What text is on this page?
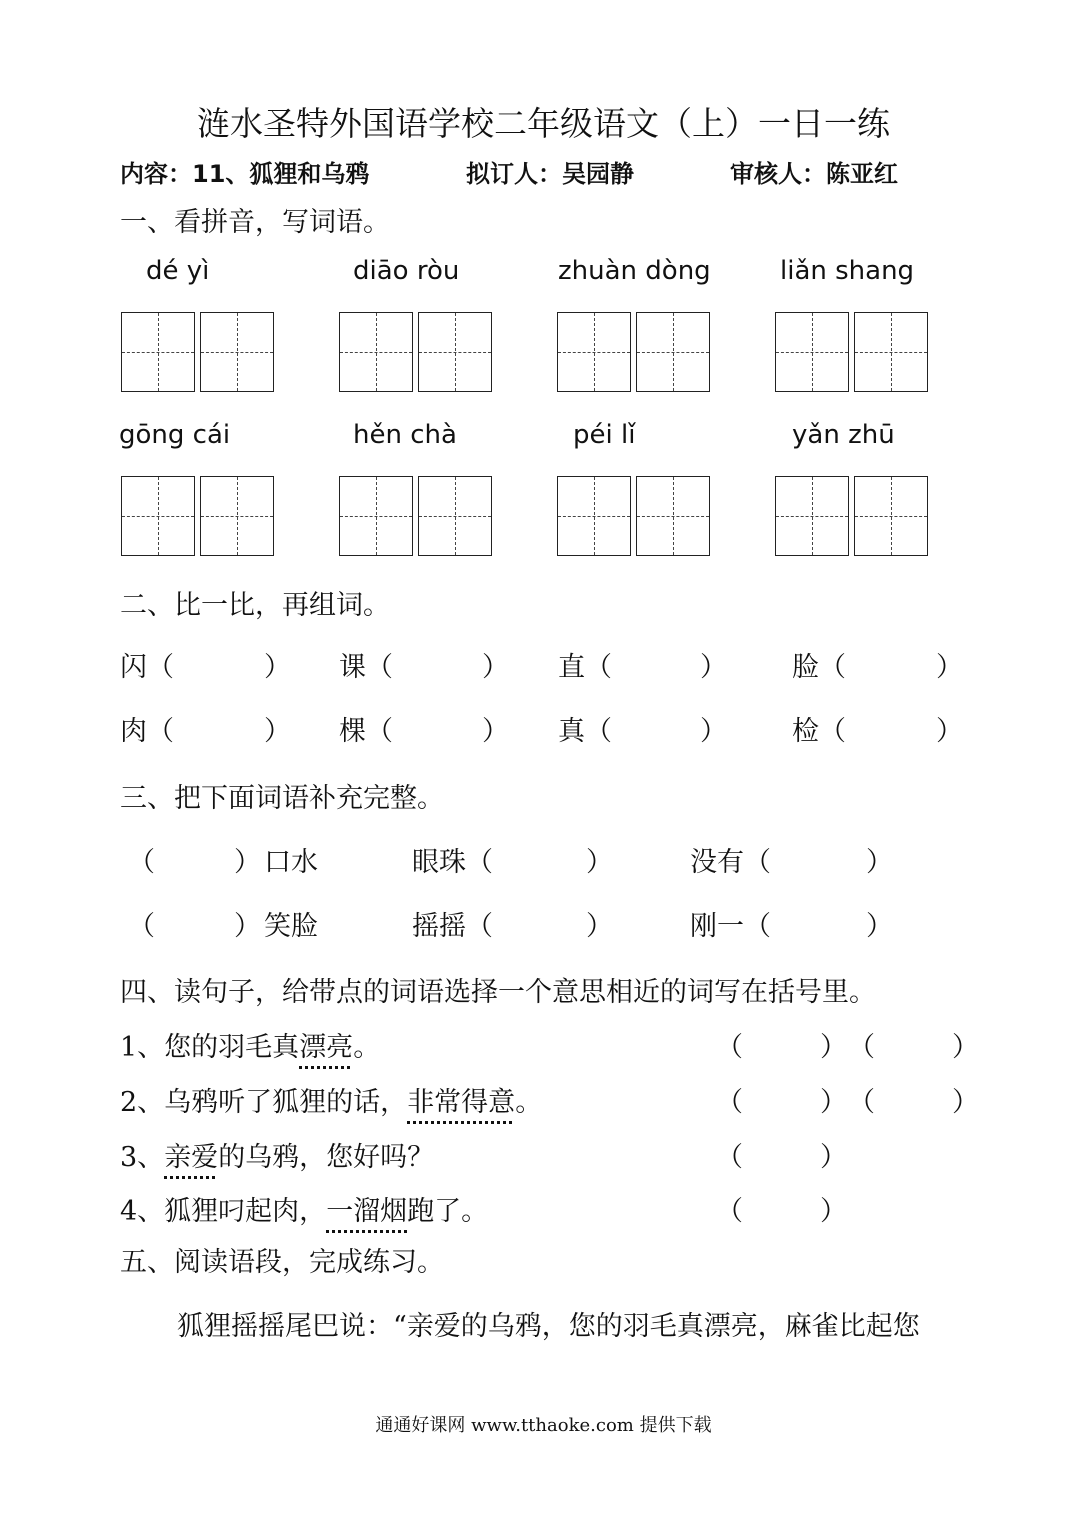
涟水圣特外国语学校二年级语文（上）一日一练
内容：11、狐狸和乌鸦	拟订人：吴园静	审核人：陈亚红
一、看拼音，写词语。
dé yì	diāo ròu	zhuàn dòng	liǎn shang
gōng cái	hěn chà	péi lǐ	yǎn zhū
二、比一比，再组词。
闪（	） 课（	） 直（	） 脸（	）
肉（	） 棵（	） 真（	） 检（	）
三、把下面词语补充完整。
（	） 口水	眼珠（	）	没有（	）
（	） 笑脸	摇摇（	）	刚一（	）
四、读句子，给带点的词语选择一个意思相近的词写在括号里。
1、您的羽毛真漂亮。	（	） （	）
2、乌鸦听了狐狸的话，非常得意。	（	） （	）
3、亲爱的乌鸦，您好吗？	（	）
4、狐狸叼起肉，一溜烟跑了。	（	）
五、阅读语段，完成练习。
狐狸摇摇尾巴说：“亲爱的乌鸦，您的羽毛真漂亮，麻雀比起您
通通好课网 www.tthaoke.com 提供下载
